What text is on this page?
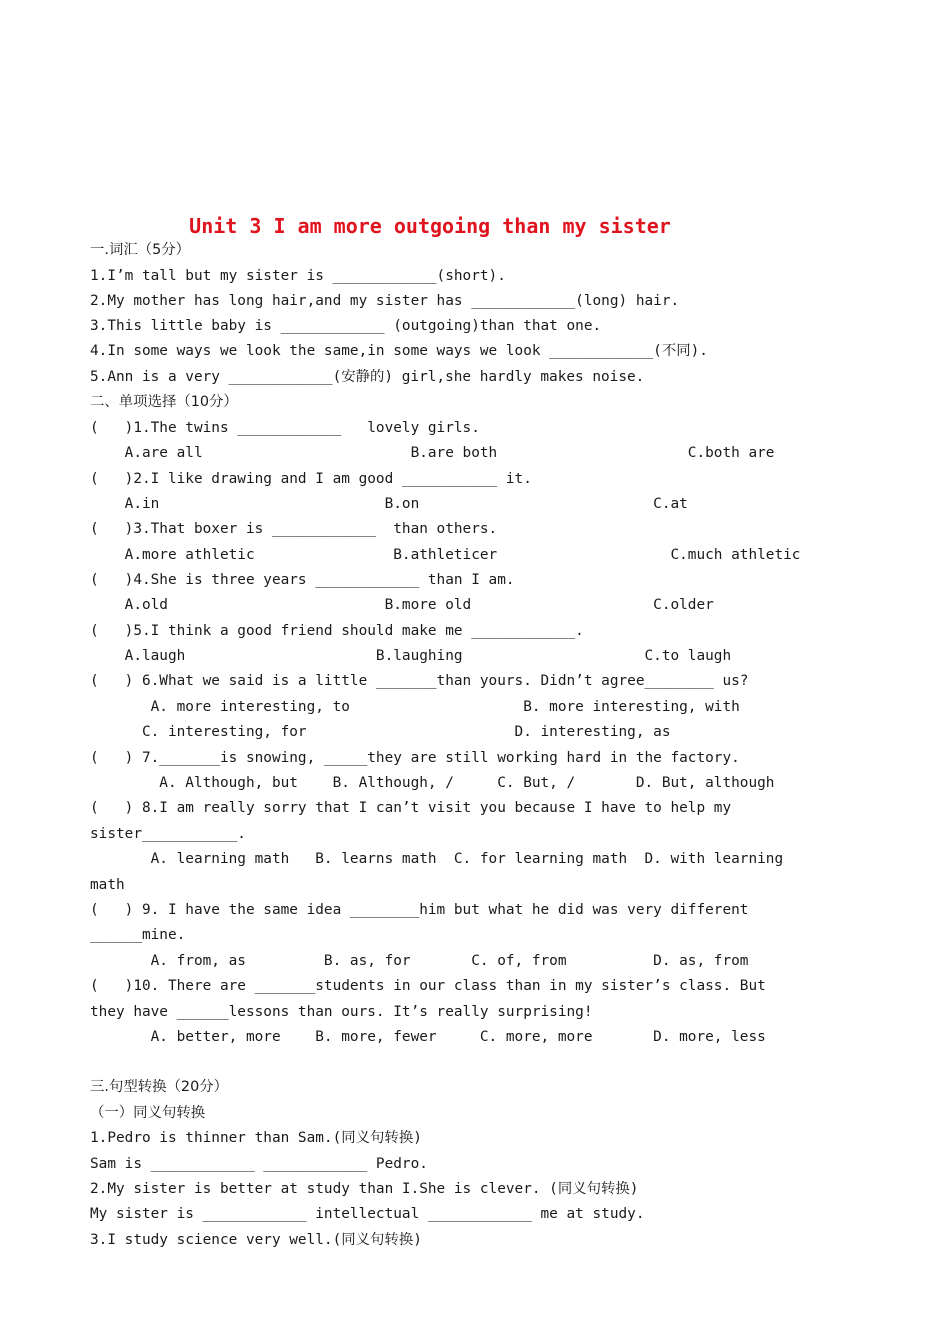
Unit 3 I am more outgoing than my sister
一.词汇（5分）
1.I’m tall but my sister is ____________(short).
2.My mother has long hair,and my sister has ____________(long) hair.
3.This little baby is ____________ (outgoing)than that one.
4.In some ways we look the same,in some ways we look ____________(不同).
5.Ann is a very ____________(安静的) girl,she hardly makes noise.
二、单项选择（10分）
(   )1.The twins ____________   lovely girls.
A.are all                        B.are both                      C.both are
(   )2.I like drawing and I am good ___________ it.
A.in                          B.on                           C.at
(   )3.That boxer is ____________  than others.
A.more athletic                B.athleticer                    C.much athletic
(   )4.She is three years ____________ than I am.
A.old                         B.more old                     C.older
(   )5.I think a good friend should make me ____________.
A.laugh                      B.laughing                     C.to laugh
(   ) 6.What we said is a little _______than yours. Didn’t agree________ us?
A. more interesting, to                    B. more interesting, with
C. interesting, for                        D. interesting, as
(   ) 7._______is snowing, _____they are still working hard in the factory.
A. Although, but    B. Although, /     C. But, /       D. But, although
(   ) 8.I am really sorry that I can’t visit you because I have to help my
sister___________.
A. learning math   B. learns math  C. for learning math  D. with learning
math
(   ) 9. I have the same idea ________him but what he did was very different
______mine.
A. from, as         B. as, for       C. of, from          D. as, from
(   )10. There are _______students in our class than in my sister’s class. But
they have ______lessons than ours. It’s really surprising!
A. better, more    B. more, fewer     C. more, more       D. more, less
三.句型转换（20分）
（一）同义句转换
1.Pedro is thinner than Sam.(同义句转换)
Sam is ____________ ____________ Pedro.
2.My sister is better at study than I.She is clever. (同义句转换)
My sister is ____________ intellectual ____________ me at study.
3.I study science very well.(同义句转换)
